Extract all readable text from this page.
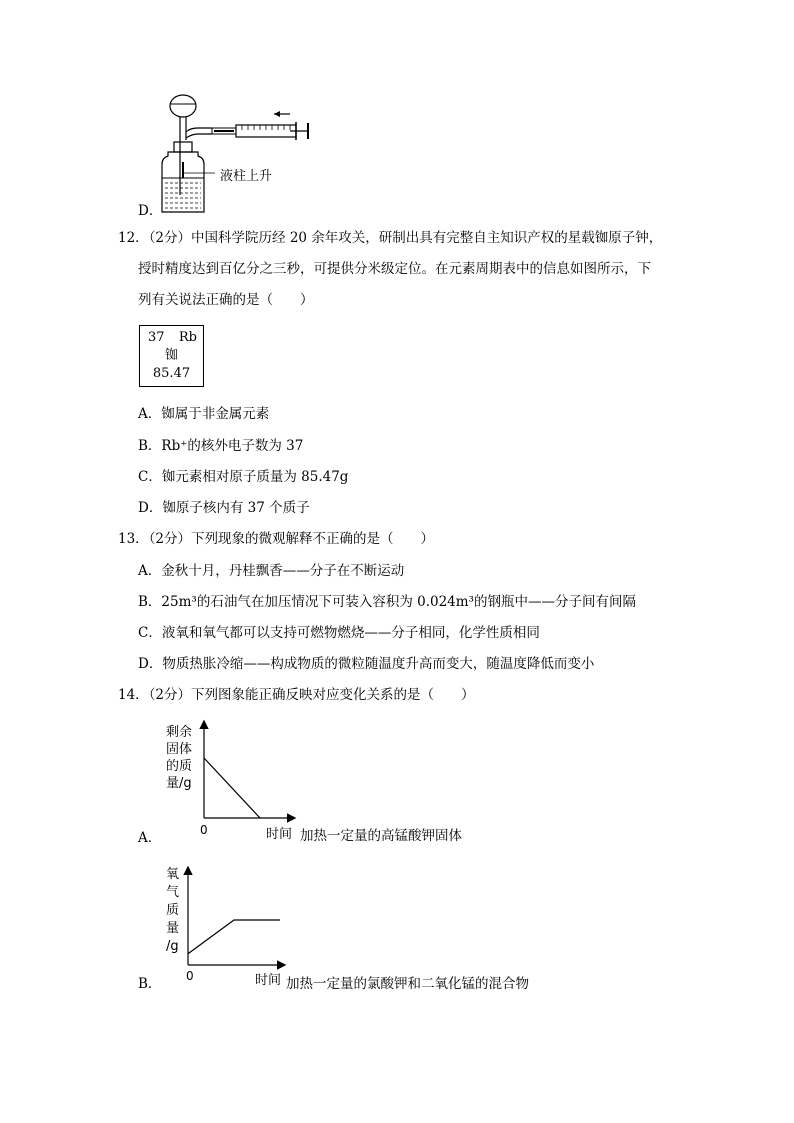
液柱上升
D．
12．（2分）中国科学院历经 20 余年攻关，研制出具有完整自主知识产权的星载铷原子钟，
授时精度达到百亿分之三秒，可提供分米级定位。在元素周期表中的信息如图所示，下
列有关说法正确的是（　　）
37 Rb
铷
85.47
A．铷属于非金属元素
B．Rb⁺的核外电子数为 37
C．铷元素相对原子质量为 85.47g
D．铷原子核内有 37 个质子
13．（2分）下列现象的微观解释不正确的是（　　）
A．金秋十月，丹桂飘香——分子在不断运动
B．25m³的石油气在加压情况下可装入容积为 0.024m³的钢瓶中——分子间有间隔
C．液氧和氧气都可以支持可燃物燃烧——分子相同，化学性质相同
D．物质热胀冷缩——构成物质的微粒随温度升高而变大，随温度降低而变小
14．（2分）下列图象能正确反映对应变化关系的是（　　）
剩余
固体
的质
量/g
0	时间
A．	加热一定量的高锰酸钾固体
氧
气
质
量
/g
0	时间
B．	加热一定量的氯酸钾和二氧化锰的混合物
